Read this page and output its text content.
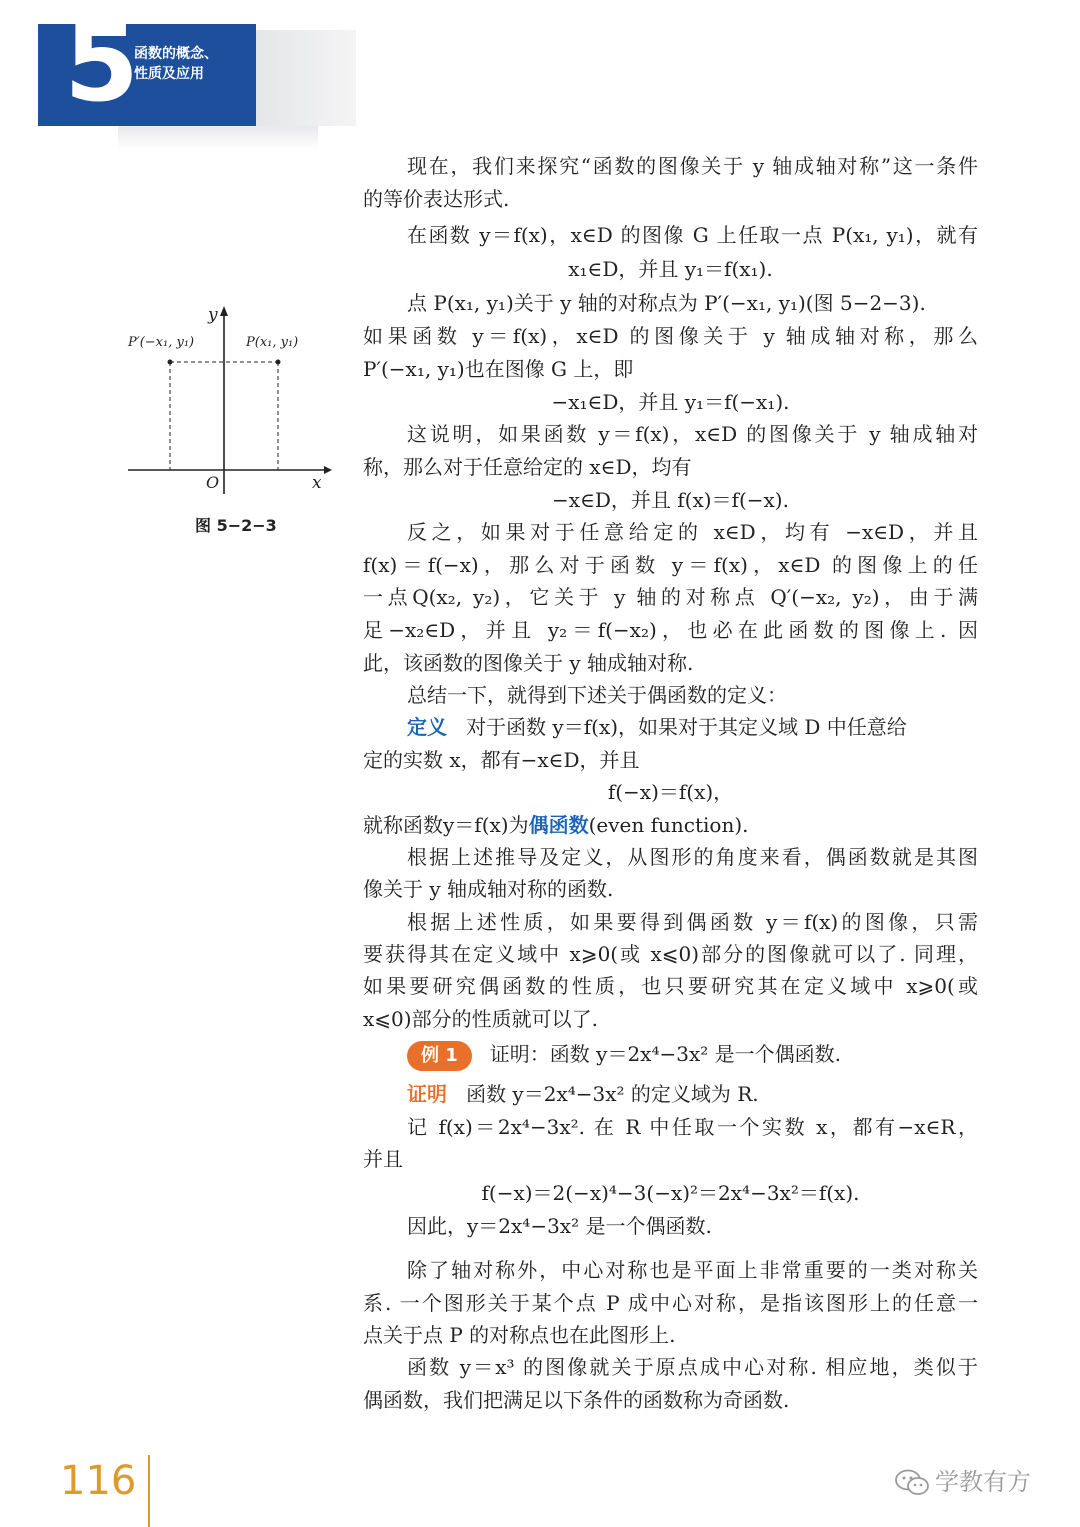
5
函数的概念、
性质及应用
y
x
O
P′(−x₁, y₁)	P(x₁, y₁)
图 5−2−3
现在，我们来探究“函数的图像关于 y 轴成轴对称”这一条件
的等价表达形式.
在函数 y＝f(x)，x∈D 的图像 G 上任取一点 P(x₁, y₁)，就有
x₁∈D，并且 y₁＝f(x₁).
点 P(x₁, y₁)关于 y 轴的对称点为 P′(−x₁, y₁)(图 5−2−3).
如果函数 y＝f(x)，x∈D 的图像关于 y 轴成轴对称，那么
P′(−x₁, y₁)也在图像 G 上，即
−x₁∈D，并且 y₁＝f(−x₁).
这说明，如果函数 y＝f(x)，x∈D 的图像关于 y 轴成轴对
称，那么对于任意给定的 x∈D，均有
−x∈D，并且 f(x)＝f(−x).
反之，如果对于任意给定的 x∈D，均有 −x∈D，并且
f(x)＝f(−x)，那么对于函数 y＝f(x)，x∈D 的图像上的任
一点Q(x₂, y₂)，它关于 y 轴的对称点 Q′(−x₂, y₂)，由于满
足−x₂∈D，并且 y₂＝f(−x₂)，也必在此函数的图像上. 因
此，该函数的图像关于 y 轴成轴对称.
总结一下，就得到下述关于偶函数的定义：
定义 对于函数 y＝f(x)，如果对于其定义域 D 中任意给
定的实数 x，都有−x∈D，并且
f(−x)＝f(x)，
就称函数y＝f(x)为偶函数(even function).
根据上述推导及定义，从图形的角度来看，偶函数就是其图
像关于 y 轴成轴对称的函数.
根据上述性质，如果要得到偶函数 y＝f(x)的图像，只需
要获得其在定义域中 x⩾0(或 x⩽0)部分的图像就可以了. 同理，
如果要研究偶函数的性质，也只要研究其在定义域中 x⩾0(或
x⩽0)部分的性质就可以了.
例 1 证明：函数 y＝2x⁴−3x² 是一个偶函数.
证明 函数 y＝2x⁴−3x² 的定义域为 R.
记 f(x)＝2x⁴−3x². 在 R 中任取一个实数 x，都有−x∈R，
并且
f(−x)＝2(−x)⁴−3(−x)²＝2x⁴−3x²＝f(x).
因此，y＝2x⁴−3x² 是一个偶函数.
除了轴对称外，中心对称也是平面上非常重要的一类对称关
系. 一个图形关于某个点 P 成中心对称，是指该图形上的任意一
点关于点 P 的对称点也在此图形上.
函数 y＝x³ 的图像就关于原点成中心对称. 相应地，类似于
偶函数，我们把满足以下条件的函数称为奇函数.
116	学教有方
